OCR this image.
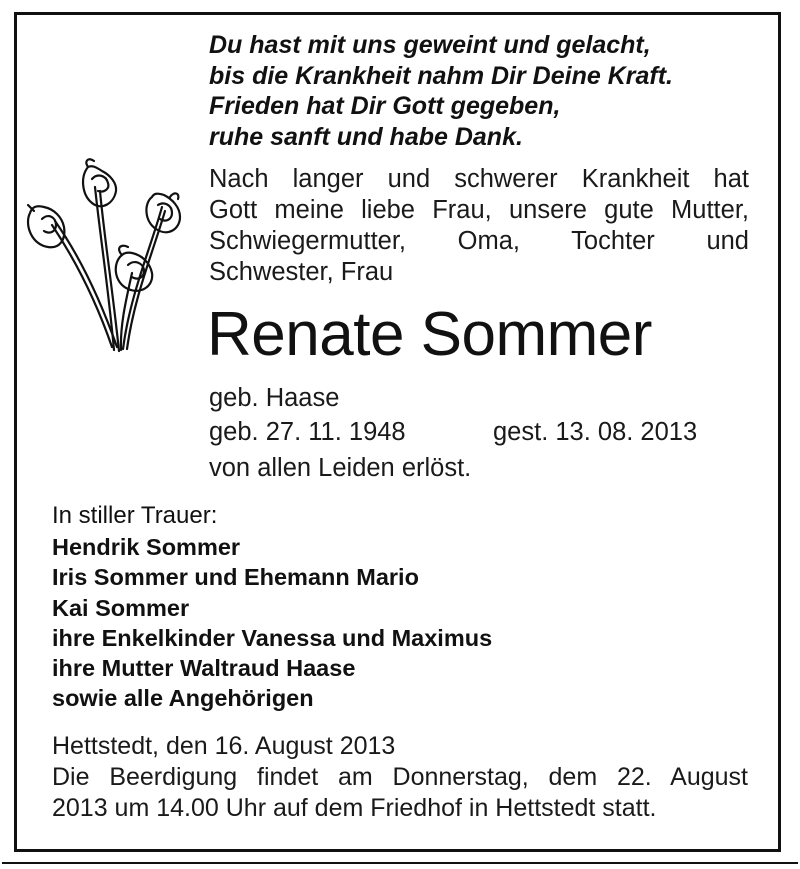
Du hast mit uns geweint und gelacht,
bis die Krankheit nahm Dir Deine Kraft.
Frieden hat Dir Gott gegeben,
ruhe sanft und habe Dank.
Nach langer und schwerer Krankheit hat
Gott meine liebe Frau, unsere gute Mutter,
Schwiegermutter, Oma, Tochter und
Schwester, Frau
Renate Sommer
geb. Haase
geb. 27. 11. 1948	gest. 13. 08. 2013
von allen Leiden erlöst.
In stiller Trauer:
Hendrik Sommer
Iris Sommer und Ehemann Mario
Kai Sommer
ihre Enkelkinder Vanessa und Maximus
ihre Mutter Waltraud Haase
sowie alle Angehörigen
Hettstedt, den 16. August 2013
Die Beerdigung findet am Donnerstag, dem 22. August
2013 um 14.00 Uhr auf dem Friedhof in Hettstedt statt.
